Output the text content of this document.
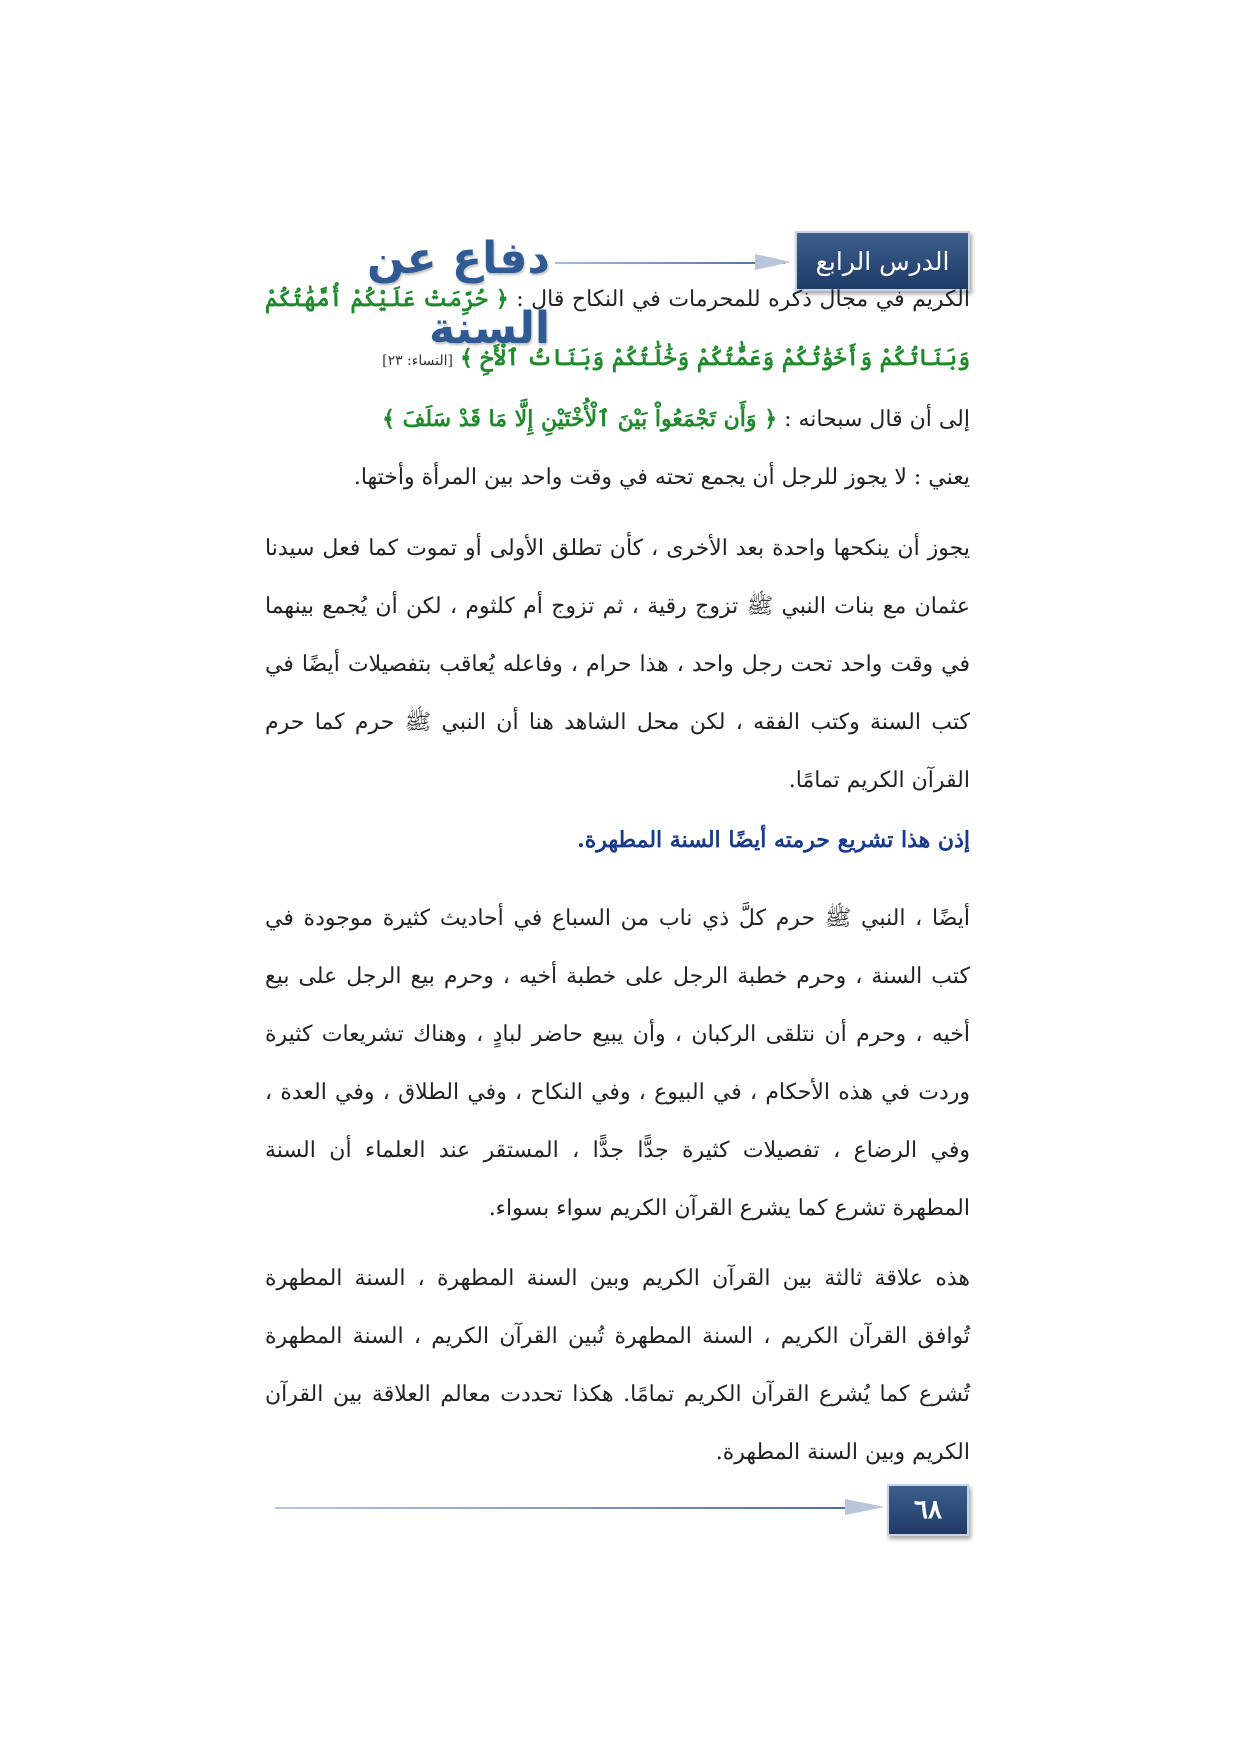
الدرس الرابع
دفاع عن السنة

الكريم في مجال ذكره للمحرمات في النكاح قال : ﴿ حُرِّمَتْ عَلَيْكُمْ أُمَّهَٰتُكُمْ وَبَنَاتُكُمْ وَأَخَوَٰتُكُمْ وَعَمَّٰتُكُمْ وَخَٰلَٰتُكُمْ وَبَنَاتُ ٱلْأَخِ ﴾ [النساء: ٢٣]

إلى أن قال سبحانه : ﴿ وَأَن تَجْمَعُواْ بَيْنَ ٱلْأُخْتَيْنِ إِلَّا مَا قَدْ سَلَفَ ﴾

يعني : لا يجوز للرجل أن يجمع تحته في وقت واحد بين المرأة وأختها.

يجوز أن ينكحها واحدة بعد الأخرى ، كأن تطلق الأولى أو تموت كما فعل سيدنا عثمان مع بنات النبي ﷺ تزوج رقية ، ثم تزوج أم كلثوم ، لكن أن يُجمع بينهما في وقت واحد تحت رجل واحد ، هذا حرام ، وفاعله يُعاقب بتفصيلات أيضًا في كتب السنة وكتب الفقه ، لكن محل الشاهد هنا أن النبي ﷺ حرم كما حرم القرآن الكريم تمامًا.

إذن هذا تشريع حرمته أيضًا السنة المطهرة.

أيضًا ، النبي ﷺ حرم كلَّ ذي ناب من السباع في أحاديث كثيرة موجودة في كتب السنة ، وحرم خطبة الرجل على خطبة أخيه ، وحرم بيع الرجل على بيع أخيه ، وحرم أن نتلقى الركبان ، وأن يبيع حاضر لبادٍ ، وهناك تشريعات كثيرة وردت في هذه الأحكام ، في البيوع ، وفي النكاح ، وفي الطلاق ، وفي العدة ، وفي الرضاع ، تفصيلات كثيرة جدًّا جدًّا ، المستقر عند العلماء أن السنة المطهرة تشرع كما يشرع القرآن الكريم سواء بسواء.

هذه علاقة ثالثة بين القرآن الكريم وبين السنة المطهرة ، السنة المطهرة تُوافق القرآن الكريم ، السنة المطهرة تُبين القرآن الكريم ، السنة المطهرة تُشرع كما يُشرع القرآن الكريم تمامًا. هكذا تحددت معالم العلاقة بين القرآن الكريم وبين السنة المطهرة.

٦٨
